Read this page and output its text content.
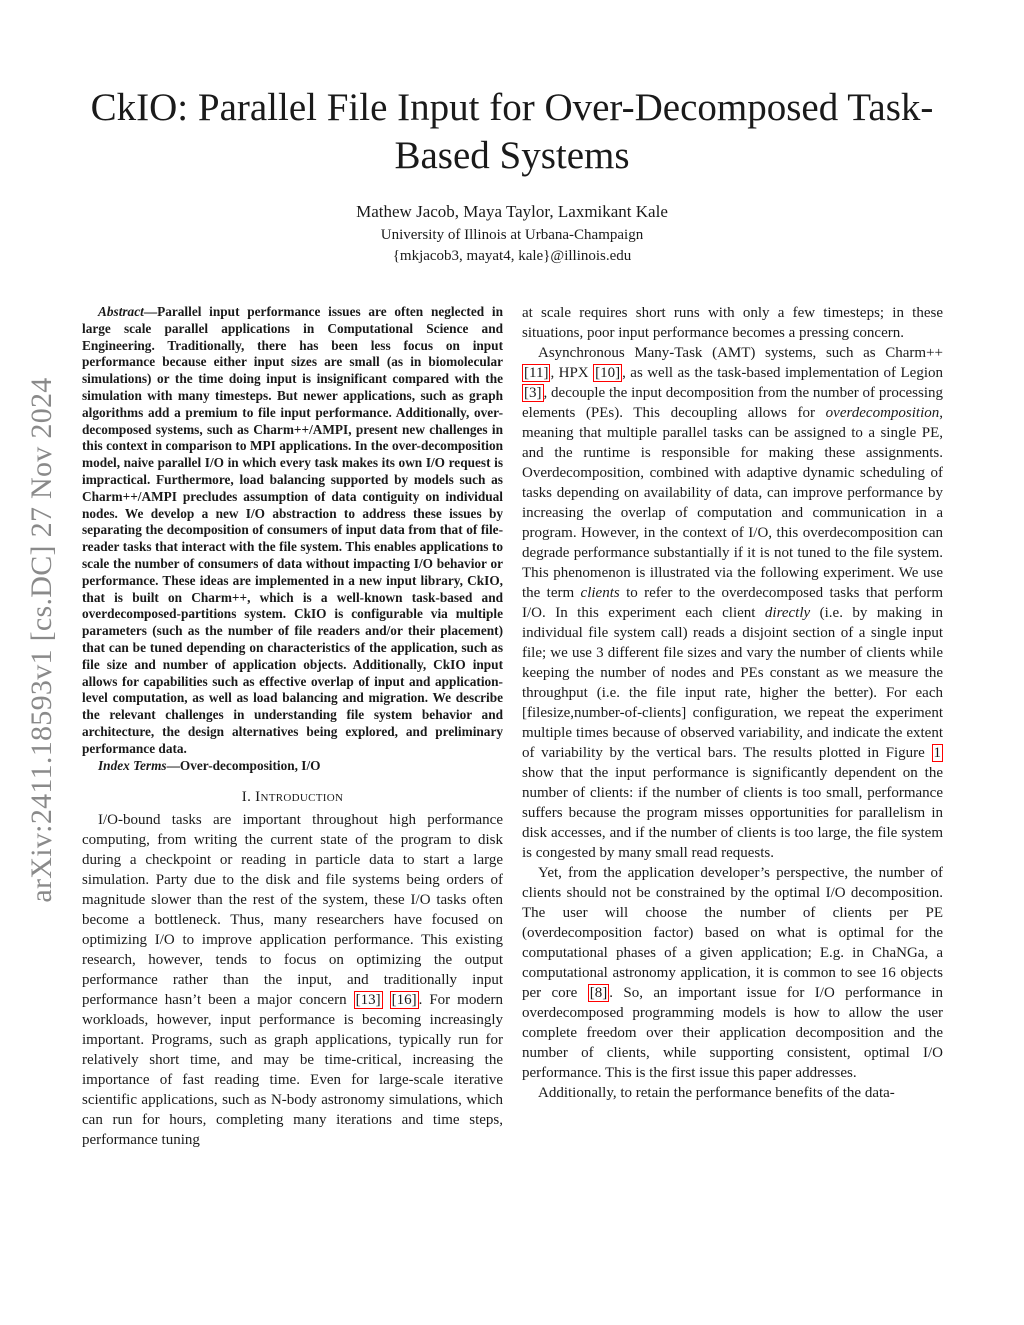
arXiv:2411.18593v1 [cs.DC] 27 Nov 2024
CkIO: Parallel File Input for Over-Decomposed Task-Based Systems
Mathew Jacob, Maya Taylor, Laxmikant Kale
University of Illinois at Urbana-Champaign
{mkjacob3, mayat4, kale}@illinois.edu

Abstract—Parallel input performance issues are often neglected in large scale parallel applications in Computational Science and Engineering. Traditionally, there has been less focus on input performance because either input sizes are small (as in biomolecular simulations) or the time doing input is insignificant compared with the simulation with many timesteps. But newer applications, such as graph algorithms add a premium to file input performance. Additionally, over-decomposed systems, such as Charm++/AMPI, present new challenges in this context in comparison to MPI applications. In the over-decomposition model, naive parallel I/O in which every task makes its own I/O request is impractical. Furthermore, load balancing supported by models such as Charm++/AMPI precludes assumption of data contiguity on individual nodes. We develop a new I/O abstraction to address these issues by separating the decomposition of consumers of input data from that of file-reader tasks that interact with the file system. This enables applications to scale the number of consumers of data without impacting I/O behavior or performance. These ideas are implemented in a new input library, CkIO, that is built on Charm++, which is a well-known task-based and overdecomposed-partitions system. CkIO is configurable via multiple parameters (such as the number of file readers and/or their placement) that can be tuned depending on characteristics of the application, such as file size and number of application objects. Additionally, CkIO input allows for capabilities such as effective overlap of input and application-level computation, as well as load balancing and migration. We describe the relevant challenges in understanding file system behavior and architecture, the design alternatives being explored, and preliminary performance data.

Index Terms—Over-decomposition, I/O

I. Introduction

I/O-bound tasks are important throughout high performance computing, from writing the current state of the program to disk during a checkpoint or reading in particle data to start a large simulation. Party due to the disk and file systems being orders of magnitude slower than the rest of the system, these I/O tasks often become a bottleneck. Thus, many researchers have focused on optimizing I/O to improve application performance. This existing research, however, tends to focus on optimizing the output performance rather than the input, and traditionally input performance hasn’t been a major concern [13] [16] . For modern workloads, however, input performance is becoming increasingly important. Programs, such as graph applications, typically run for relatively short time, and may be time-critical, increasing the importance of fast reading time. Even for large-scale iterative scientific applications, such as N-body astronomy simulations, which can run for hours, completing many iterations and time steps, performance tuning

at scale requires short runs with only a few timesteps; in these situations, poor input performance becomes a pressing concern.

Asynchronous Many-Task (AMT) systems, such as Charm++ [11] , HPX [10] , as well as the task-based implementation of Legion [3] , decouple the input decomposition from the number of processing elements (PEs). This decoupling allows for overdecomposition, meaning that multiple parallel tasks can be assigned to a single PE, and the runtime is responsible for making these assignments. Overdecomposition, combined with adaptive dynamic scheduling of tasks depending on availability of data, can improve performance by increasing the overlap of computation and communication in a program. However, in the context of I/O, this overdecomposition can degrade performance substantially if it is not tuned to the file system. This phenomenon is illustrated via the following experiment. We use the term clients to refer to the overdecomposed tasks that perform I/O. In this experiment each client directly (i.e. by making in individual file system call) reads a disjoint section of a single input file; we use 3 different file sizes and vary the number of clients while keeping the number of nodes and PEs constant as we measure the throughput (i.e. the file input rate, higher the better). For each [filesize,number-of-clients] configuration, we repeat the experiment multiple times because of observed variability, and indicate the extent of variability by the vertical bars. The results plotted in Figure 1 show that the input performance is significantly dependent on the number of clients: if the number of clients is too small, performance suffers because the program misses opportunities for parallelism in disk accesses, and if the number of clients is too large, the file system is congested by many small read requests.

Yet, from the application developer’s perspective, the number of clients should not be constrained by the optimal I/O decomposition. The user will choose the number of clients per PE (overdecomposition factor) based on what is optimal for the computational phases of a given application; E.g. in ChaNGa, a computational astronomy application, it is common to see 16 objects per core [8] . So, an important issue for I/O performance in overdecomposed programming models is how to allow the user complete freedom over their application decomposition and the number of clients, while supporting consistent, optimal I/O performance. This is the first issue this paper addresses.

Additionally, to retain the performance benefits of the data-
